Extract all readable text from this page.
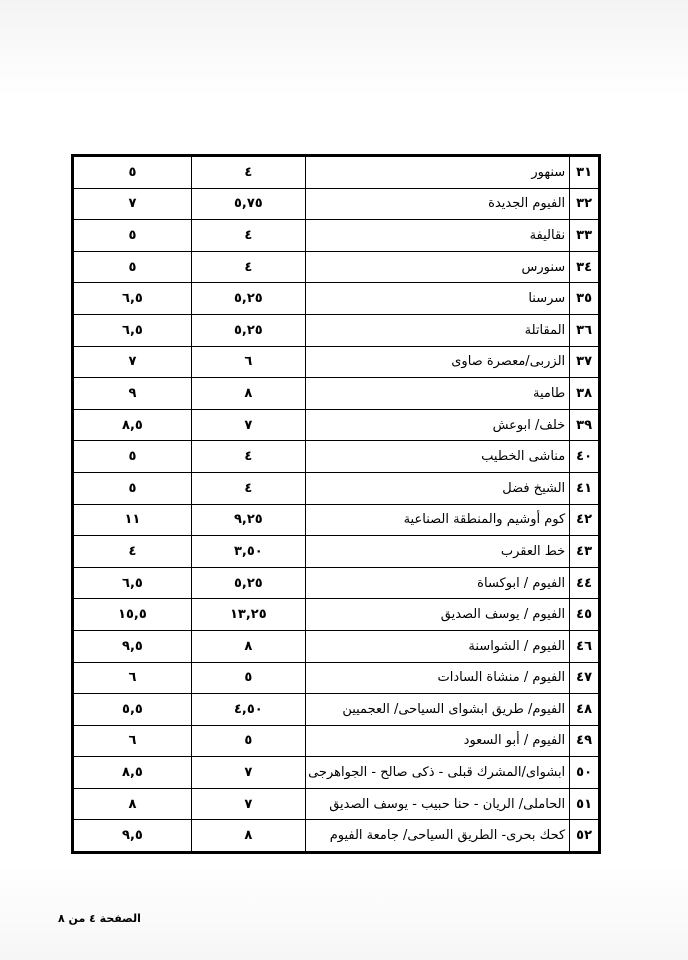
٣١	سنهور	٤	٥
٣٢	الفيوم الجديدة	٥,٧٥	٧
٣٣	نقاليفة	٤	٥
٣٤	سنورس	٤	٥
٣٥	سرسنا	٥,٢٥	٦,٥
٣٦	المقاتلة	٥,٢٥	٦,٥
٣٧	الزربى/معصرة صاوى	٦	٧
٣٨	طامية	٨	٩
٣٩	خلف/ ابوعش	٧	٨,٥
٤٠	مناشى الخطيب	٤	٥
٤١	الشيخ فضل	٤	٥
٤٢	كوم أوشيم والمنطقة الصناعية	٩,٢٥	١١
٤٣	خط العقرب	٣,٥٠	٤
٤٤	الفيوم / ابوكساة	٥,٢٥	٦,٥
٤٥	الفيوم / يوسف الصديق	١٣,٢٥	١٥,٥
٤٦	الفيوم / الشواسنة	٨	٩,٥
٤٧	الفيوم / منشاة السادات	٥	٦
٤٨	الفيوم/ طريق ابشواى السياحى/ العجميين	٤,٥٠	٥,٥
٤٩	الفيوم / أبو السعود	٥	٦
٥٠	ابشواى/المشرك قبلى - ذكى صالح - الجواهرجى	٧	٨,٥
٥١	الحاملى/ الريان - حنا حبيب - يوسف الصديق	٧	٨
٥٢	كحك بحرى- الطريق السياحى/ جامعة الفيوم	٨	٩,٥
الصفحة ٤ من ٨
